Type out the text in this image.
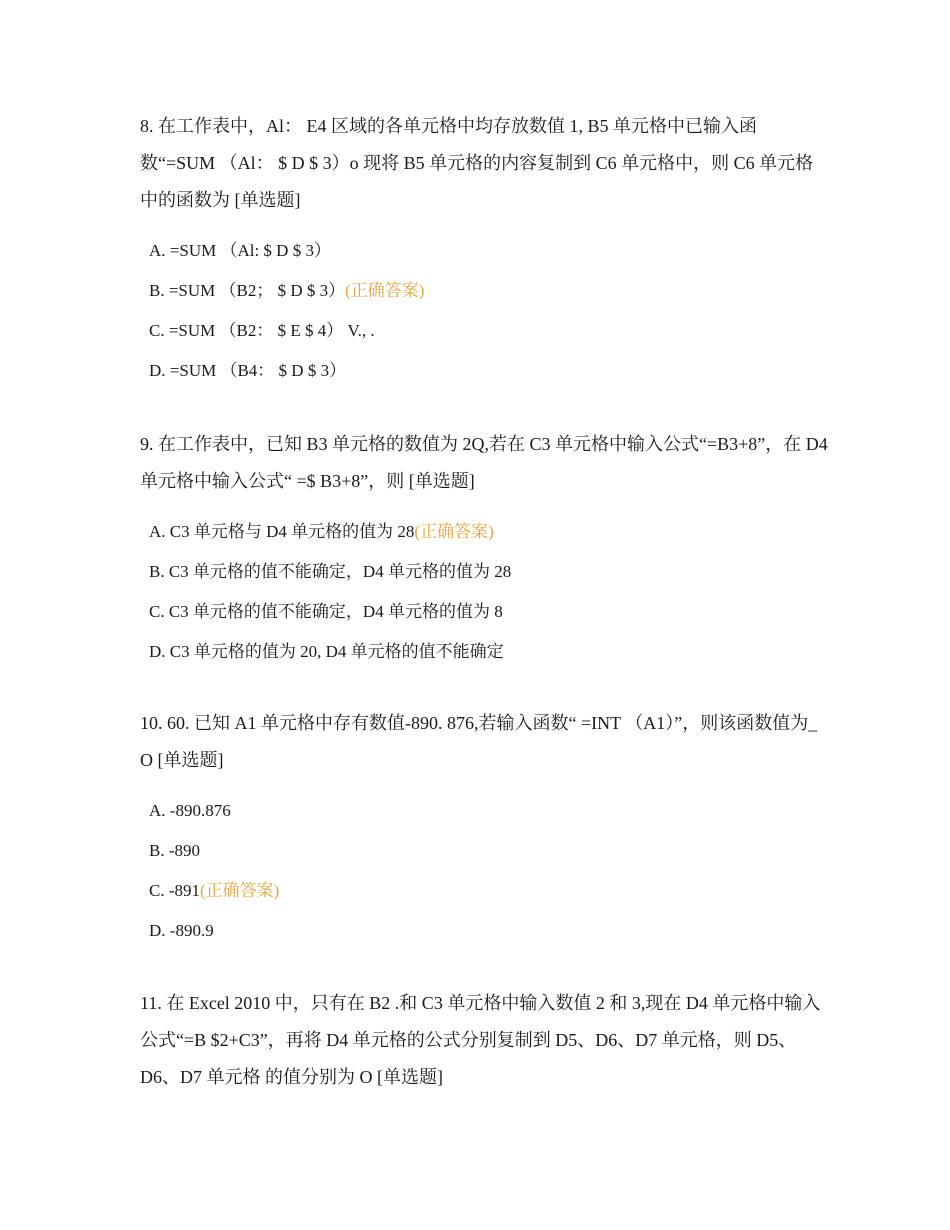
8. 在工作表中，Al： E4 区域的各单元格中均存放数值 1, B5 单元格中已输入函数“=SUM （Al： $ D $ 3）o 现将 B5 单元格的内容复制到 C6 单元格中，则 C6 单元格中的函数为 [单选题]

A. =SUM （Al: $ D $ 3）
B. =SUM （B2； $ D $ 3）(正确答案)
C. =SUM （B2： $ E $ 4） V., .
D. =SUM （B4： $ D $ 3）

9. 在工作表中，已知 B3 单元格的数值为 2Q,若在 C3 单元格中输入公式“=B3+8”，在 D4 单元格中输入公式“ =$ B3+8”，则 [单选题]

A. C3 单元格与 D4 单元格的值为 28(正确答案)
B. C3 单元格的值不能确定，D4 单元格的值为 28
C. C3 单元格的值不能确定，D4 单元格的值为 8
D. C3 单元格的值为 20, D4 单元格的值不能确定

10. 60. 已知 A1 单元格中存有数值-890. 876,若输入函数“ =INT （A1）”，则该函数值为_ O [单选题]

A. -890.876
B. -890
C. -891(正确答案)
D. -890.9

11. 在 Excel 2010 中，只有在 B2 .和 C3 单元格中输入数值 2 和 3,现在 D4 单元格中输入公式“=B $2+C3”，再将 D4 单元格的公式分别复制到 D5、D6、D7 单元格，则 D5、D6、D7 单元格 的值分别为 O [单选题]
